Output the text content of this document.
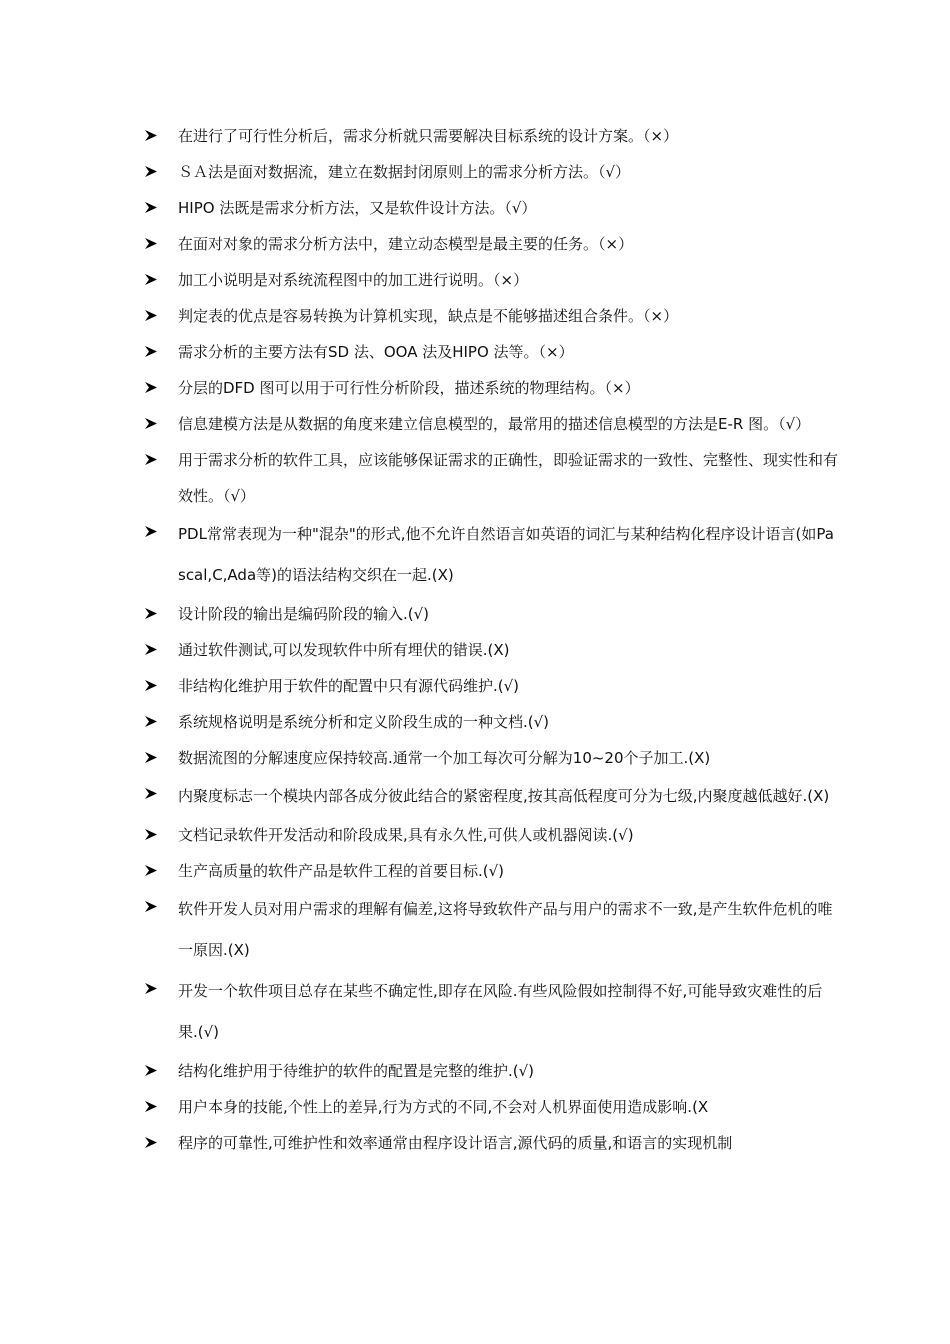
在进行了可行性分析后，需求分析就只需要解决目标系统的设计方案。（×）
ＳＡ法是面对数据流，建立在数据封闭原则上的需求分析方法。（√）
HIPO 法既是需求分析方法，又是软件设计方法。（√）
在面对对象的需求分析方法中，建立动态模型是最主要的任务。（×）
加工小说明是对系统流程图中的加工进行说明。（×）
判定表的优点是容易转换为计算机实现，缺点是不能够描述组合条件。（×）
需求分析的主要方法有SD 法、OOA 法及HIPO 法等。（×）
分层的DFD 图可以用于可行性分析阶段，描述系统的物理结构。（×）
信息建模方法是从数据的角度来建立信息模型的，最常用的描述信息模型的方法是E-R 图。（√）
用于需求分析的软件工具，应该能够保证需求的正确性，即验证需求的一致性、完整性、现实性和有效性。（√）
PDL常常表现为一种"混杂"的形式,他不允许自然语言如英语的词汇与某种结构化程序设计语言(如Pascal,C,Ada等)的语法结构交织在一起.(X)
设计阶段的输出是编码阶段的输入.(√)
通过软件测试,可以发现软件中所有埋伏的错误.(X)
非结构化维护用于软件的配置中只有源代码维护.(√)
系统规格说明是系统分析和定义阶段生成的一种文档.(√)
数据流图的分解速度应保持较高.通常一个加工每次可分解为10~20个子加工.(X)
内聚度标志一个模块内部各成分彼此结合的紧密程度,按其高低程度可分为七级,内聚度越低越好.(X)
文档记录软件开发活动和阶段成果,具有永久性,可供人或机器阅读.(√)
生产高质量的软件产品是软件工程的首要目标.(√)
软件开发人员对用户需求的理解有偏差,这将导致软件产品与用户的需求不一致,是产生软件危机的唯一原因.(X)
开发一个软件项目总存在某些不确定性,即存在风险.有些风险假如控制得不好,可能导致灾难性的后果.(√)
结构化维护用于待维护的软件的配置是完整的维护.(√)
用户本身的技能,个性上的差异,行为方式的不同,不会对人机界面使用造成影响.(X
程序的可靠性,可维护性和效率通常由程序设计语言,源代码的质量,和语言的实现机制
